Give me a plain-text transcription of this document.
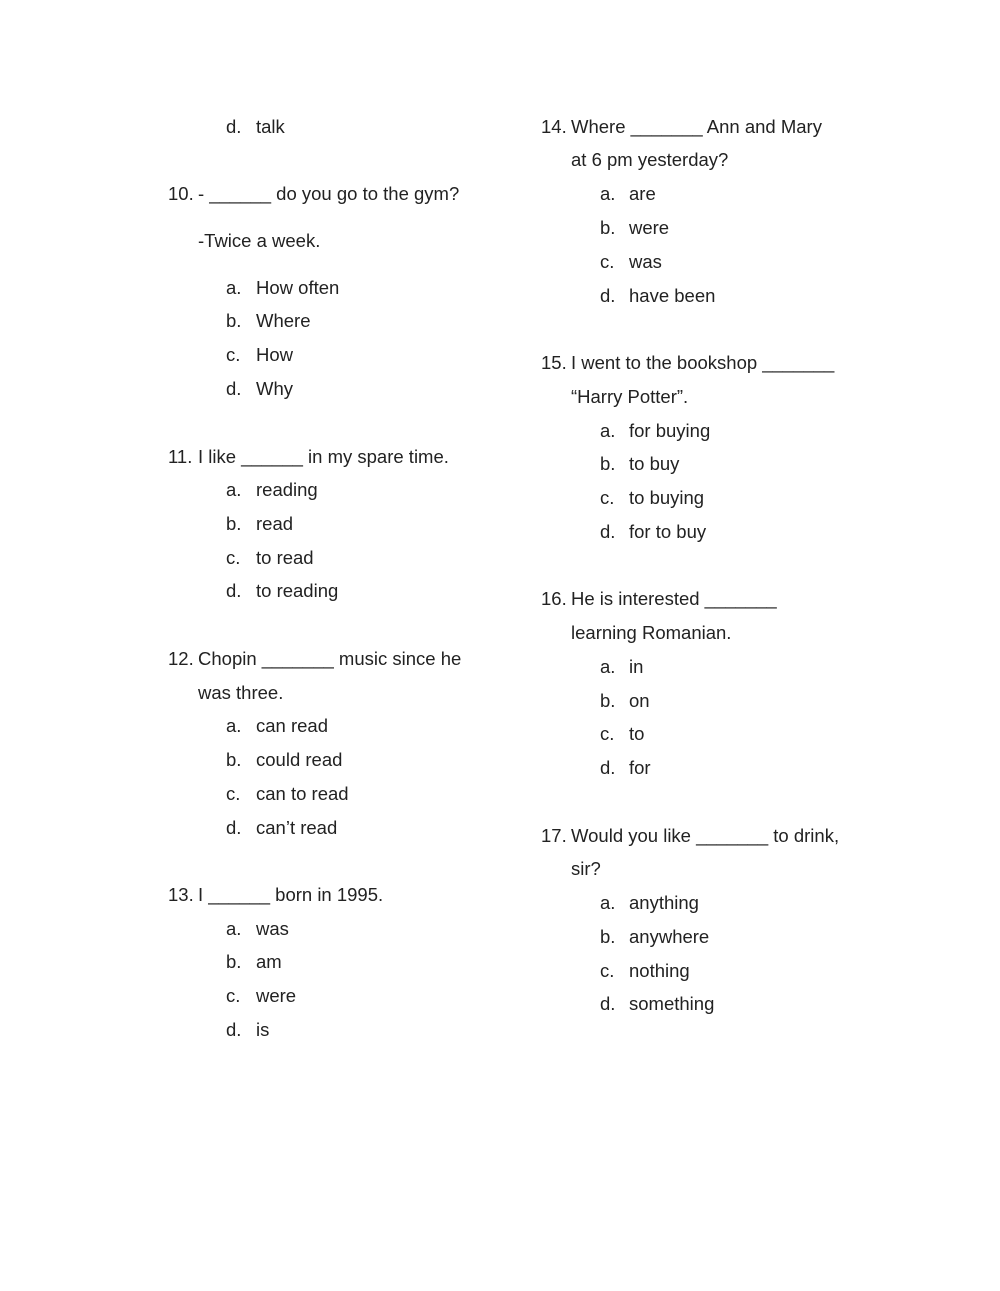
d. talk
10. - ______ do you go to the gym?
-Twice a week.
a. How often
b. Where
c. How
d. Why
11. I like ______ in my spare time.
a. reading
b. read
c. to read
d. to reading
12. Chopin _______ music since he
was three.
a. can read
b. could read
c. can to read
d. can’t read
13. I ______ born in 1995.
a. was
b. am
c. were
d. is
14. Where _______ Ann and Mary
at 6 pm yesterday?
a. are
b. were
c. was
d. have been
15. I went to the bookshop _______
“Harry Potter”.
a. for buying
b. to buy
c. to buying
d. for to buy
16. He is interested _______
learning Romanian.
a. in
b. on
c. to
d. for
17. Would you like _______ to drink,
sir?
a. anything
b. anywhere
c. nothing
d. something
